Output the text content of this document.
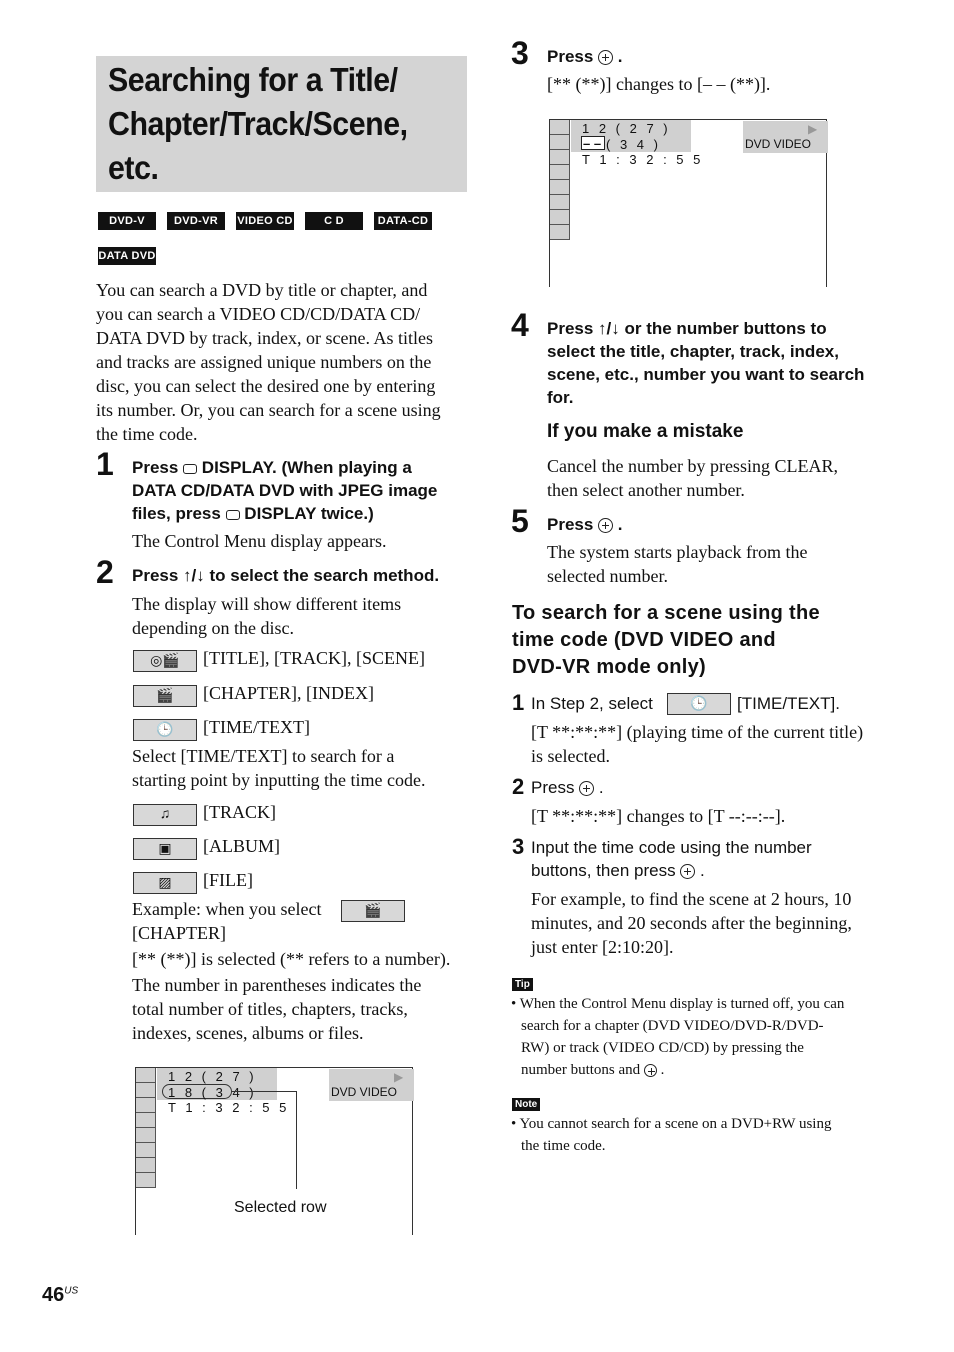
Searching for a Title/
Chapter/Track/Scene,
etc.
DVD-V	DVD-VR	VIDEO CD	C D	DATA-CD
DATA DVD
You can search a DVD by title or chapter, and
you can search a VIDEO CD/CD/DATA CD/
DATA DVD by track, index, or scene. As titles
and tracks are assigned unique numbers on the
disc, you can select the desired one by entering
its number. Or, you can search for a scene using
the time code.
1 Press DISPLAY. (When playing a
DATA CD/DATA DVD with JPEG image
files, press DISPLAY twice.)
The Control Menu display appears.
2 Press ↑/↓ to select the search method.
The display will show different items
depending on the disc.
◎🎬	[TITLE], [TRACK], [SCENE]
🎬	[CHAPTER], [INDEX]
🕒	[TIME/TEXT]
Select [TIME/TEXT] to search for a
starting point by inputting the time code.
♫	[TRACK]
▣	[ALBUM]
▨	[FILE]
Example: when you select	🎬
[CHAPTER]
[** (**)] is selected (** refers to a number).
The number in parentheses indicates the
total number of titles, chapters, tracks,
indexes, scenes, albums or files.
1 2 ( 2 7 )
1 8 ( 3 4 )
T 1 : 3 2 : 5 5
DVD VIDEO
▶
Selected row
3 Press  .
[** (**)] changes to [– – (**)].
1 2 ( 2 7 )
– – ( 3 4 )
T 1 : 3 2 : 5 5
DVD VIDEO
▶
4 Press ↑/↓ or the number buttons to
select the title, chapter, track, index,
scene, etc., number you want to search
for.
If you make a mistake
Cancel the number by pressing CLEAR,
then select another number.
5 Press  .
The system starts playback from the
selected number.
To search for a scene using the
time code (DVD VIDEO and
DVD-VR mode only)
1 In Step 2, select	🕒	[TIME/TEXT].
[T **:**:**] (playing time of the current title)
is selected.
2 Press  .
[T **:**:**] changes to [T --:--:--].
3 Input the time code using the number
buttons, then press  .
For example, to find the scene at 2 hours, 10
minutes, and 20 seconds after the beginning,
just enter [2:10:20].
Tip
• When the Control Menu display is turned off, you can
search for a chapter (DVD VIDEO/DVD-R/DVD-
RW) or track (VIDEO CD/CD) by pressing the
number buttons and  .
Note
• You cannot search for a scene on a DVD+RW using
the time code.
$46^{US}$
